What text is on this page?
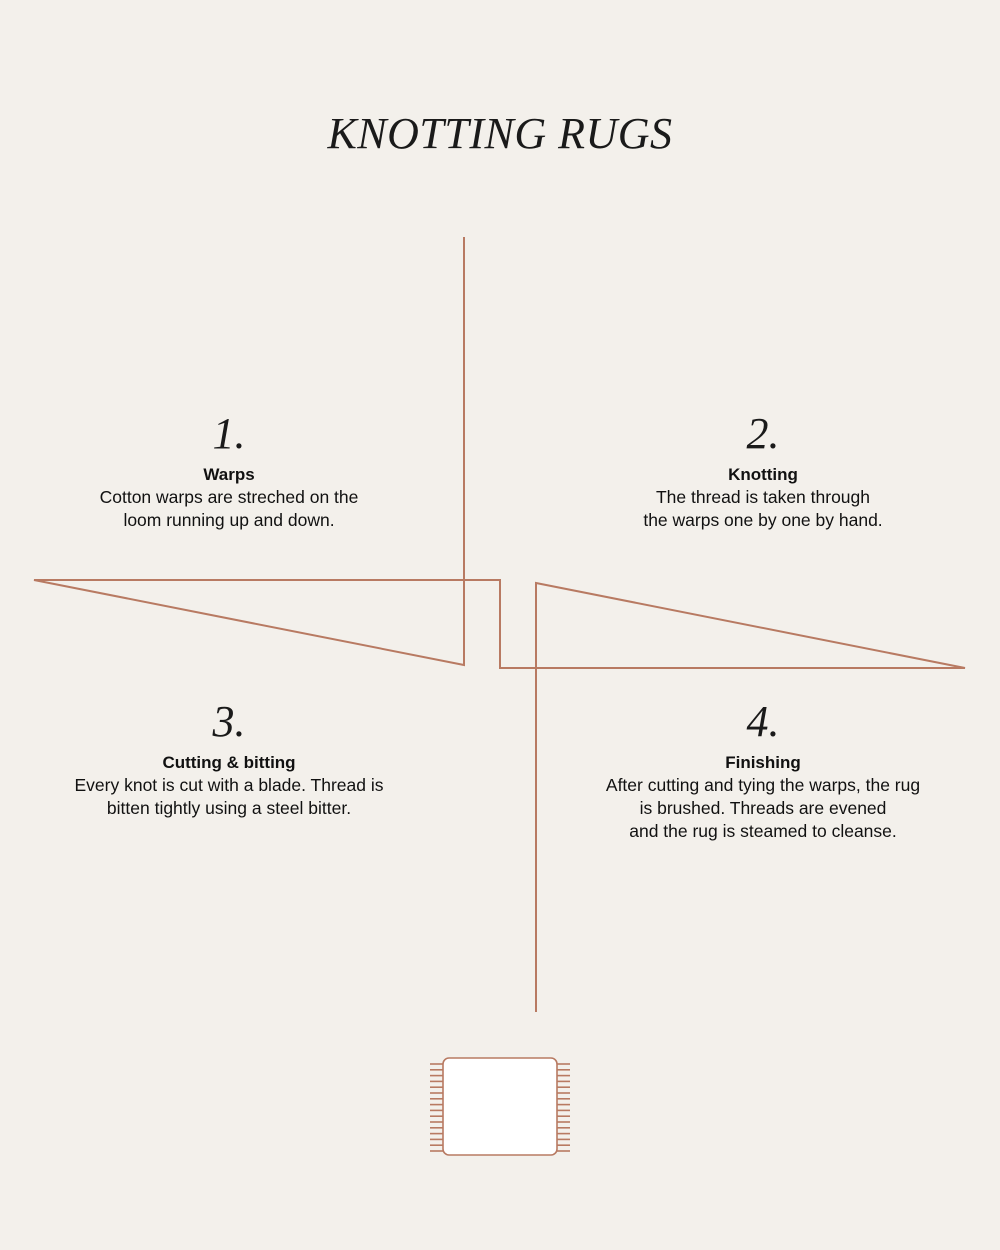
KNOTTING RUGS
1.
Warps
Cotton warps are streched on the
loom running up and down.
2.
Knotting
The thread is taken through
the warps one by one by hand.
3.
Cutting & bitting
Every knot is cut with a blade. Thread is
bitten tightly using a steel bitter.
4.
Finishing
After cutting and tying the warps, the rug
is brushed. Threads are evened
and the rug is steamed to cleanse.
